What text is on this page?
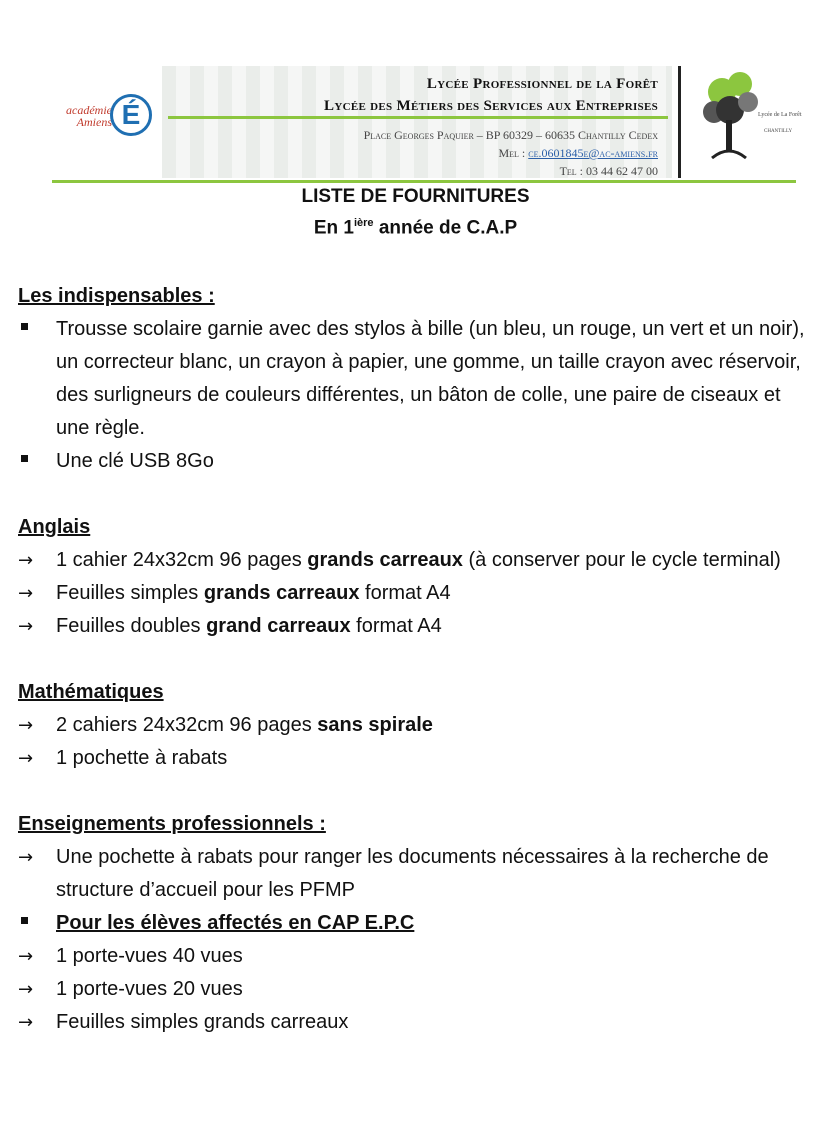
académie Amiens É
Lycée Professionnel de la Forêt
Lycée des Métiers des Services aux Entreprises
Place Georges Paquier – BP 60329 – 60635 Chantilly Cedex
Mel : ce.0601845e@ac-amiens.fr
Tel : 03 44 62 47 00
Lycée de La Forêt
CHANTILLY
LISTE DE FOURNITURES
En $1^{ière}$ année de C.A.P

Les indispensables :

Trousse scolaire garnie avec des stylos à bille (un bleu, un rouge, un vert et un noir), un correcteur blanc, un crayon à papier, une gomme, un taille crayon avec réservoir, des surligneurs de couleurs différentes, un bâton de colle, une paire de ciseaux et une règle.

Une clé USB 8Go

Anglais

→	1 cahier 24x32cm 96 pages grands carreaux (à conserver pour le cycle terminal)

→	Feuilles simples grands carreaux format A4

→	Feuilles doubles grand carreaux format A4

Mathématiques

→	2 cahiers 24x32cm 96 pages sans spirale

→	1 pochette à rabats

Enseignements professionnels :

→	Une pochette à rabats pour ranger les documents nécessaires à la recherche de structure d’accueil pour les PFMP

Pour les élèves affectés en CAP E.P.C

→	1 porte-vues 40 vues

→	1 porte-vues 20 vues

→	Feuilles simples grands carreaux
